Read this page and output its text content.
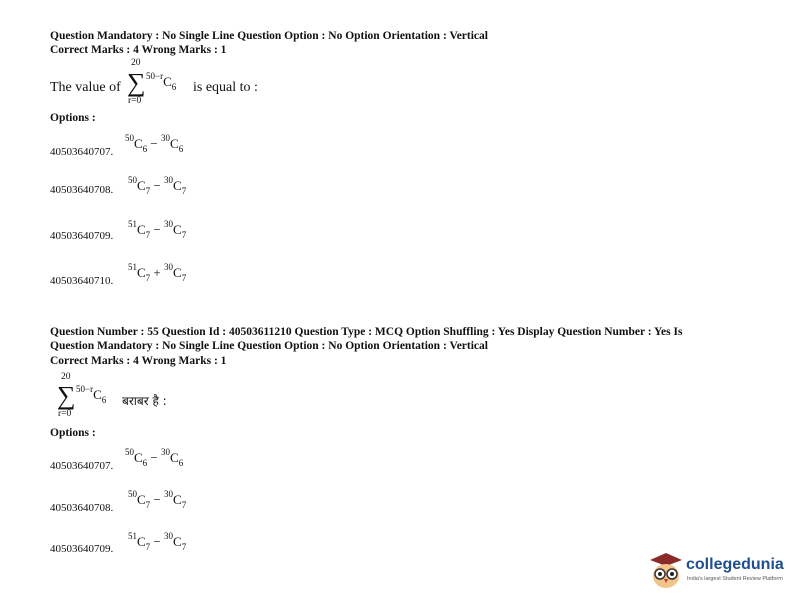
Question Mandatory : No Single Line Question Option : No Option Orientation : Vertical
Correct Marks : 4 Wrong Marks : 1
The value of
20
∑
r=0
$^{50-r}C_6$ is equal to :
Options :
40503640707.
$^{50}C_6 - ^{30}C_6$
40503640708.
$^{50}C_7 - ^{30}C_7$
40503640709.
$^{51}C_7 - ^{30}C_7$
40503640710.
$^{51}C_7 + ^{30}C_7$
Question Number : 55 Question Id : 40503611210 Question Type : MCQ Option Shuffling : Yes Display Question Number : Yes Is
Question Mandatory : No Single Line Question Option : No Option Orientation : Vertical
Correct Marks : 4 Wrong Marks : 1
20
∑
r=0
$^{50-r}C_6$ बराबर है :
Options :
40503640707.
$^{50}C_6 - ^{30}C_6$
40503640708.
$^{50}C_7 - ^{30}C_7$
40503640709.
$^{51}C_7 - ^{30}C_7$
collegedunia
India's largest Student Review Platform
